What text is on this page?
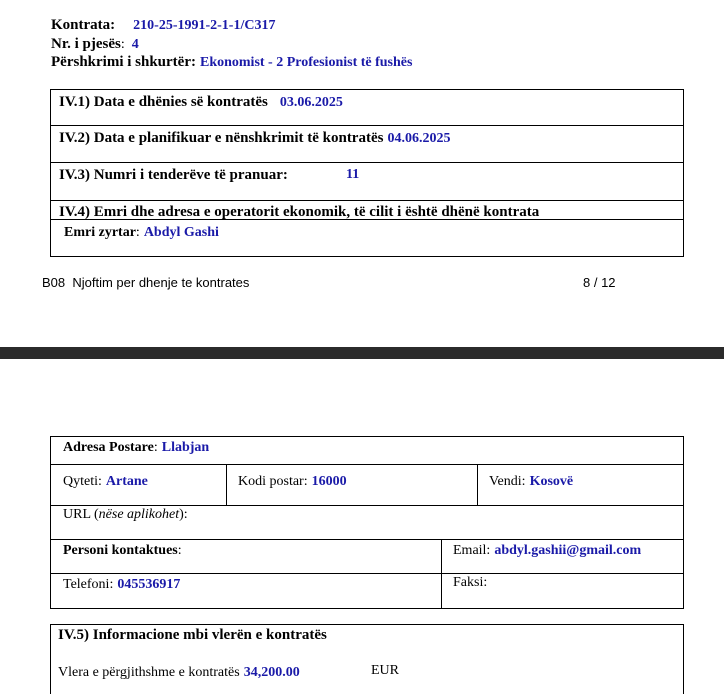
Kontrata: 210-25-1991-2-1-1/C317
Nr. i pjesës: 4
Përshkrimi i shkurtër: Ekonomist - 2 Profesionist të fushës
IV.1) Data e dhënies së kontratës 03.06.2025
IV.2) Data e planifikuar e nënshkrimit të kontratës 04.06.2025
IV.3) Numri i tenderëve të pranuar:	11
IV.4) Emri dhe adresa e operatorit ekonomik, të cilit i është dhënë kontrata
Emri zyrtar: Abdyl Gashi
B08  Njoftim per dhenje te kontrates	8 / 12
Adresa Postare: Llabjan
Qyteti: Artane	Kodi postar: 16000	Vendi: Kosovë
URL (nëse aplikohet):
Personi kontaktues:	Email: abdyl.gashii@gmail.com
Telefoni: 045536917	Faksi:
IV.5) Informacione mbi vlerën e kontratës
Vlera e përgjithshme e kontratës 34,200.00	EUR
